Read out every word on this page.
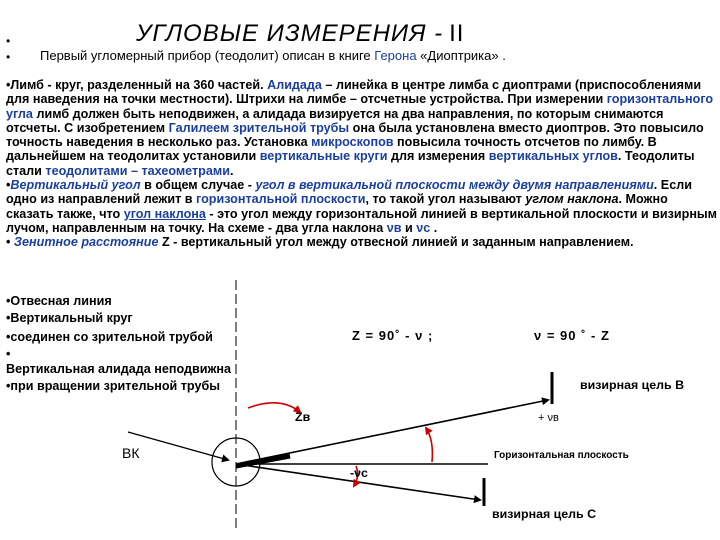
•	УГЛОВЫЕ ИЗМЕРЕНИЯ - II
• Первый угломерный прибор (теодолит) описан в книге Герона «Диоптрика» .
•Лимб - круг, разделенный на 360 частей. Алидада – линейка в центре лимба с диоптрами (приспособлениями для наведения на точки местности). Штрихи на лимбе – отсчетные устройства. При измерении горизонтального угла лимб должен быть неподвижен, а алидада визируется на два направления, по которым снимаются отсчеты. С изобретением Галилеем зрительной трубы она была установлена вместо диоптров. Это повысило точность наведения в несколько раз. Установка микроскопов повысила точность отсчетов по лимбу. В дальнейшем на теодолитах установили вертикальные круги для измерения вертикальных углов. Теодолиты стали теодолитами – тахеометрами.
•Вертикальный угол в общем случае - угол в вертикальной плоскости между двумя направлениями. Если одно из направлений лежит в горизонтальной плоскости, то такой угол называют углом наклона. Можно сказать также, что угол наклона - это угол между горизонтальной линией в вертикальной плоскости и визирным лучом, направленным на точку. На схеме - два угла наклона νв и νс .
• Зенитное расстояние Z - вертикальный угол между отвесной линией и заданным направлением.
•Отвесная линия
•Вертикальный круг
•соединен со зрительной трубой
•
Вертикальная алидада неподвижна
•при вращении зрительной трубы
Z = 90˚ - ν ;	ν = 90 ˚ - Z
визирная цель В
Zв	+ νв
ВК	Горизонтальная плоскость
-νс
визирная цель С
